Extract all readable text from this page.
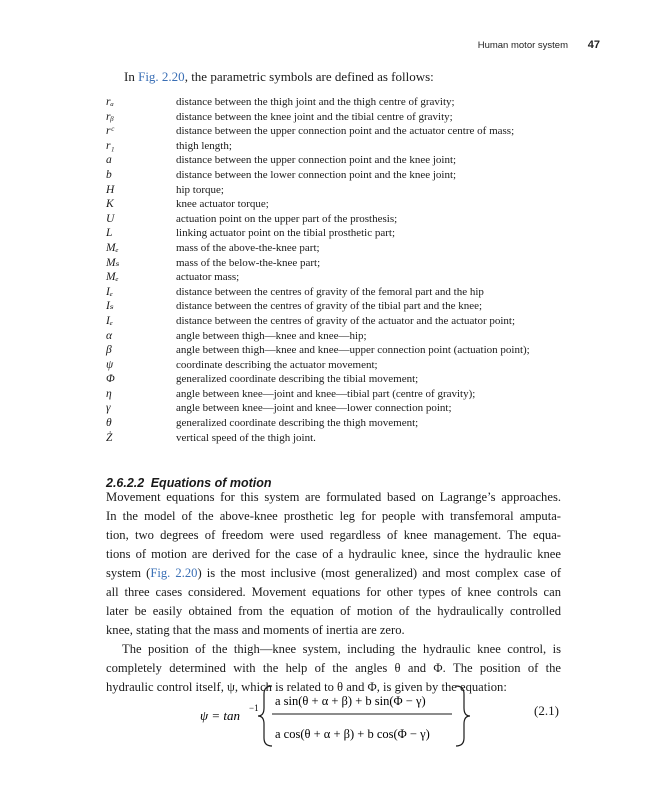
Human motor system 47
In Fig. 2.20, the parametric symbols are defined as follows:
rₐ	distance between the thigh joint and the thigh centre of gravity;
rᵦ	distance between the knee joint and the tibial centre of gravity;
rᶜ	distance between the upper connection point and the actuator centre of mass;
r₁	thigh length;
a	distance between the upper connection point and the knee joint;
b	distance between the lower connection point and the knee joint;
H	hip torque;
K	knee actuator torque;
U	actuation point on the upper part of the prosthesis;
L	linking actuator point on the tibial prosthetic part;
Mₑ	mass of the above-the-knee part;
Mₛ	mass of the below-the-knee part;
Mₑ	actuator mass;
Iₑ	distance between the centres of gravity of the femoral part and the hip
Iₛ	distance between the centres of gravity of the tibial part and the knee;
Iₑ	distance between the centres of gravity of the actuator and the actuator point;
α	angle between thigh—knee and knee—hip;
β	angle between thigh—knee and knee—upper connection point (actuation point);
ψ	coordinate describing the actuator movement;
Φ	generalized coordinate describing the tibial movement;
η	angle between knee—joint and knee—tibial part (centre of gravity);
γ	angle between knee—joint and knee—lower connection point;
θ	generalized coordinate describing the thigh movement;
Ż	vertical speed of the thigh joint.
2.6.2.2 Equations of motion
Movement equations for this system are formulated based on Lagrange’s approaches.
In the model of the above-knee prosthetic leg for people with transfemoral amputa-
tion, two degrees of freedom were used regardless of knee management. The equa-
tions of motion are derived for the case of a hydraulic knee, since the hydraulic knee
system (Fig. 2.20) is the most inclusive (most generalized) and most complex case of
all three cases considered. Movement equations for other types of knee controls can
later be easily obtained from the equation of motion of the hydraulically controlled
knee, stating that the mass and moments of inertia are zero.
The position of the thigh—knee system, including the hydraulic knee control, is
completely determined with the help of the angles θ and Φ. The position of the
hydraulic control itself, ψ, which is related to θ and Φ, is given by the equation:
ψ = tan −1 a sin(θ + α + β) + b sin(Φ − γ)
a cos(θ + α + β) + b cos(Φ − γ)
(2.1)
